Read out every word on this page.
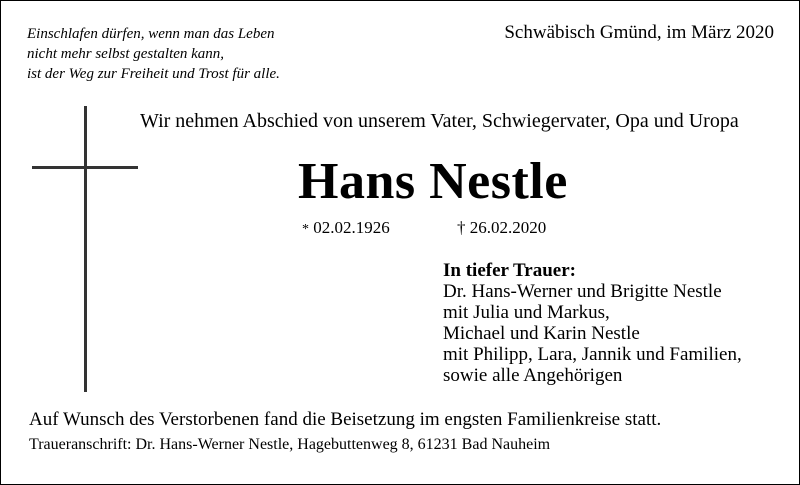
Einschlafen dürfen, wenn man das Leben
nicht mehr selbst gestalten kann,
ist der Weg zur Freiheit und Trost für alle.
Schwäbisch Gmünd, im März 2020
Wir nehmen Abschied von unserem Vater, Schwiegervater, Opa und Uropa
Hans Nestle
* 02.02.1926	† 26.02.2020
In tiefer Trauer:
Dr. Hans-Werner und Brigitte Nestle
mit Julia und Markus,
Michael und Karin Nestle
mit Philipp, Lara, Jannik und Familien,
sowie alle Angehörigen
Auf Wunsch des Verstorbenen fand die Beisetzung im engsten Familienkreise statt.
Traueranschrift: Dr. Hans-Werner Nestle, Hagebuttenweg 8, 61231 Bad Nauheim
